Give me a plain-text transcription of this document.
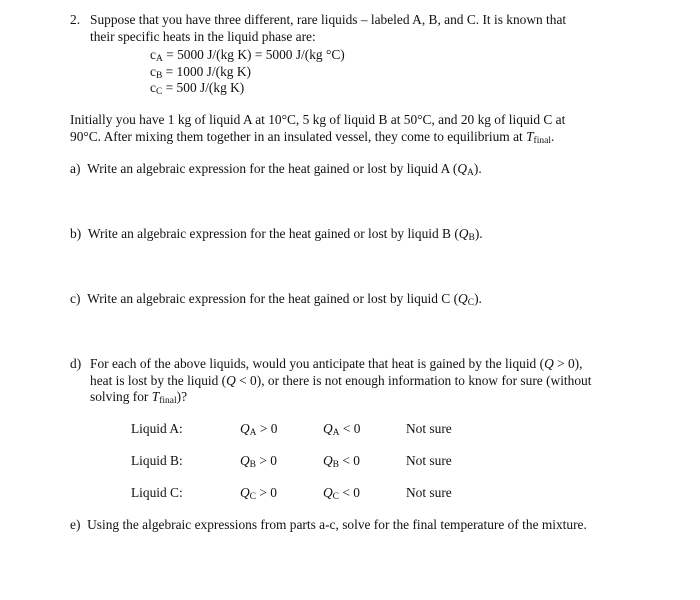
2. Suppose that you have three different, rare liquids – labeled A, B, and C. It is known that
their specific heats in the liquid phase are:
cA = 5000 J/(kg K) = 5000 J/(kg °C)
cB = 1000 J/(kg K)
cC = 500 J/(kg K)
Initially you have 1 kg of liquid A at 10°C, 5 kg of liquid B at 50°C, and 20 kg of liquid C at
90°C. After mixing them together in an insulated vessel, they come to equilibrium at Tfinal.
a) Write an algebraic expression for the heat gained or lost by liquid A (QA).
b) Write an algebraic expression for the heat gained or lost by liquid B (QB).
c) Write an algebraic expression for the heat gained or lost by liquid C (QC).
d) For each of the above liquids, would you anticipate that heat is gained by the liquid (Q > 0),
heat is lost by the liquid (Q < 0), or there is not enough information to know for sure (without
solving for Tfinal)?
Liquid A:	QA > 0	QA < 0	Not sure
Liquid B:	QB > 0	QB < 0	Not sure
Liquid C:	QC > 0	QC < 0	Not sure
e) Using the algebraic expressions from parts a-c, solve for the final temperature of the mixture.
